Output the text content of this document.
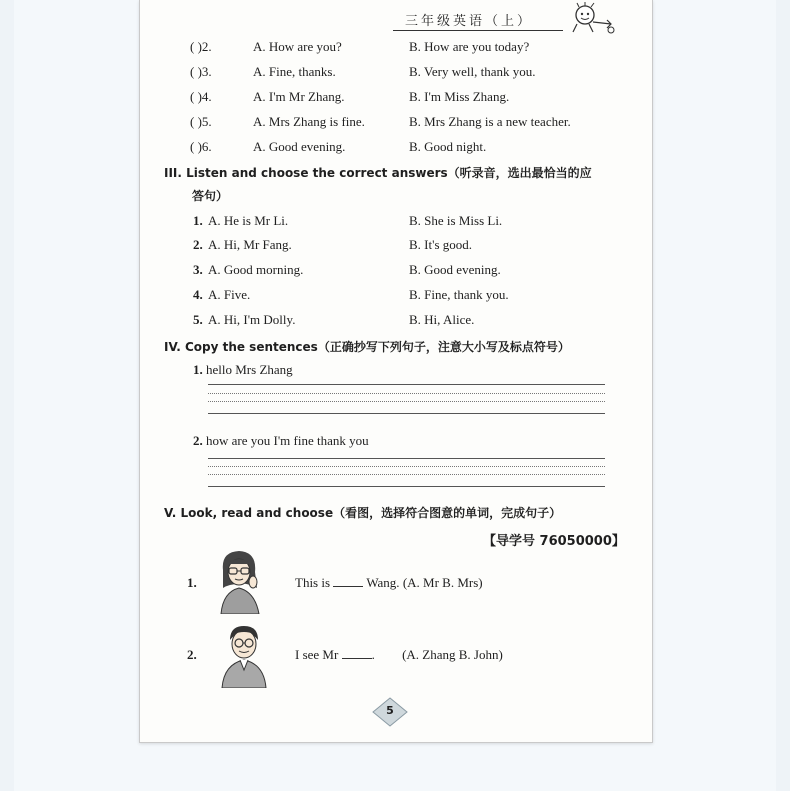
三年级英语（上）
( )2.	A. How are you?	B. How are you today?
( )3.	A. Fine, thanks.	B. Very well, thank you.
( )4.	A. I'm Mr Zhang.	B. I'm Miss Zhang.
( )5.	A. Mrs Zhang is fine.	B. Mrs Zhang is a new teacher.
( )6.	A. Good evening.	B. Good night.
III. Listen and choose the correct answers（听录音，选出最恰当的应
答句）
1. A. He is Mr Li.	B. She is Miss Li.
2. A. Hi, Mr Fang.	B. It's good.
3. A. Good morning.	B. Good evening.
4. A. Five.	B. Fine, thank you.
5. A. Hi, I'm Dolly.	B. Hi, Alice.
IV. Copy the sentences（正确抄写下列句子，注意大小写及标点符号）
1. hello Mrs Zhang
2. how are you I'm fine thank you
V. Look, read and choose（看图，选择符合图意的单词，完成句子）
【导学号 76050000】
1.	This is	Wang. (A. Mr B. Mrs)
2.	I see Mr	. (A. Zhang B. John)
5
